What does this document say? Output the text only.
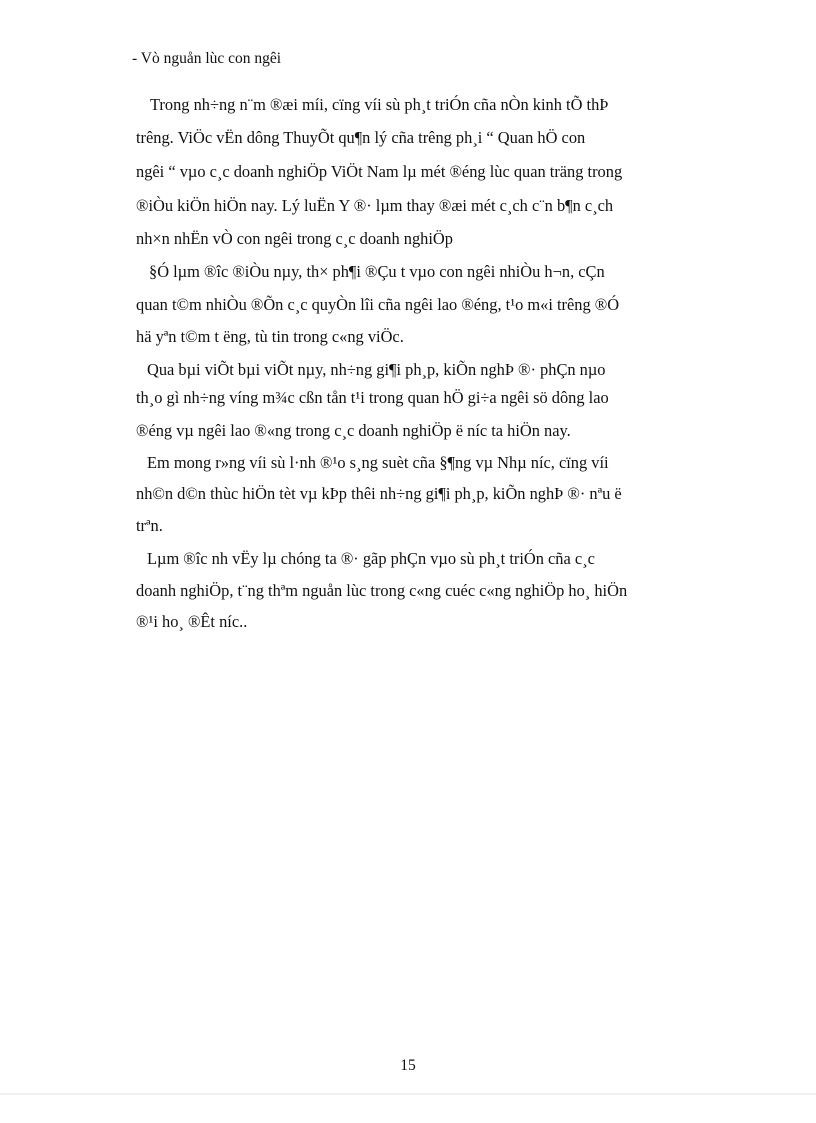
- Vò nguån lùc con ngêi
Trong nh÷ng n¨m ®æi míi, cïng víi sù ph¸t triÓn cña nÒn kinh tÕ thÞ
trêng. ViÖc vËn dông ThuyÕt qu¶n lý cña trêng ph¸i “ Quan hÖ con
ngêi “ vµo c¸c doanh nghiÖp ViÖt Nam lµ mét ®éng lùc quan träng trong
®iÒu kiÖn hiÖn nay. Lý luËn Y ®· lµm thay ®æi mét c¸ch c¨n b¶n c¸ch
nh×n nhËn vÒ con ngêi trong c¸c doanh nghiÖp
§Ó lµm ®îc ®iÒu nµy, th× ph¶i ®Çu t vµo con ngêi nhiÒu h¬n, cÇn
quan t©m nhiÒu ®Õn c¸c quyÒn lîi cña ngêi lao ®éng, t¹o m«i trêng ®Ó
hä yªn t©m t ëng, tù tin trong c«ng viÖc.
Qua bµi viÕt bµi viÕt nµy, nh÷ng gi¶i ph¸p, kiÕn nghÞ ®· phÇn nµo
th¸o gì nh÷ng víng m¾c cßn tån t¹i trong quan hÖ gi÷a ngêi sö dông lao
®éng vµ ngêi lao ®«ng trong c¸c doanh nghiÖp ë níc ta hiÖn nay.
Em mong r»ng víi sù l·nh ®¹o s¸ng suèt cña §¶ng vµ Nhµ níc, cïng víi
nh©n d©n thùc hiÖn tèt vµ kÞp thêi nh÷ng gi¶i ph¸p, kiÕn nghÞ ®· nªu ë
trªn.
Lµm ®îc nh vËy lµ chóng ta ®· gãp phÇn vµo sù ph¸t triÓn cña c¸c
doanh nghiÖp, t¨ng thªm nguån lùc trong c«ng cuéc c«ng nghiÖp ho¸ hiÖn
®¹i ho¸ ®Êt níc..
15
